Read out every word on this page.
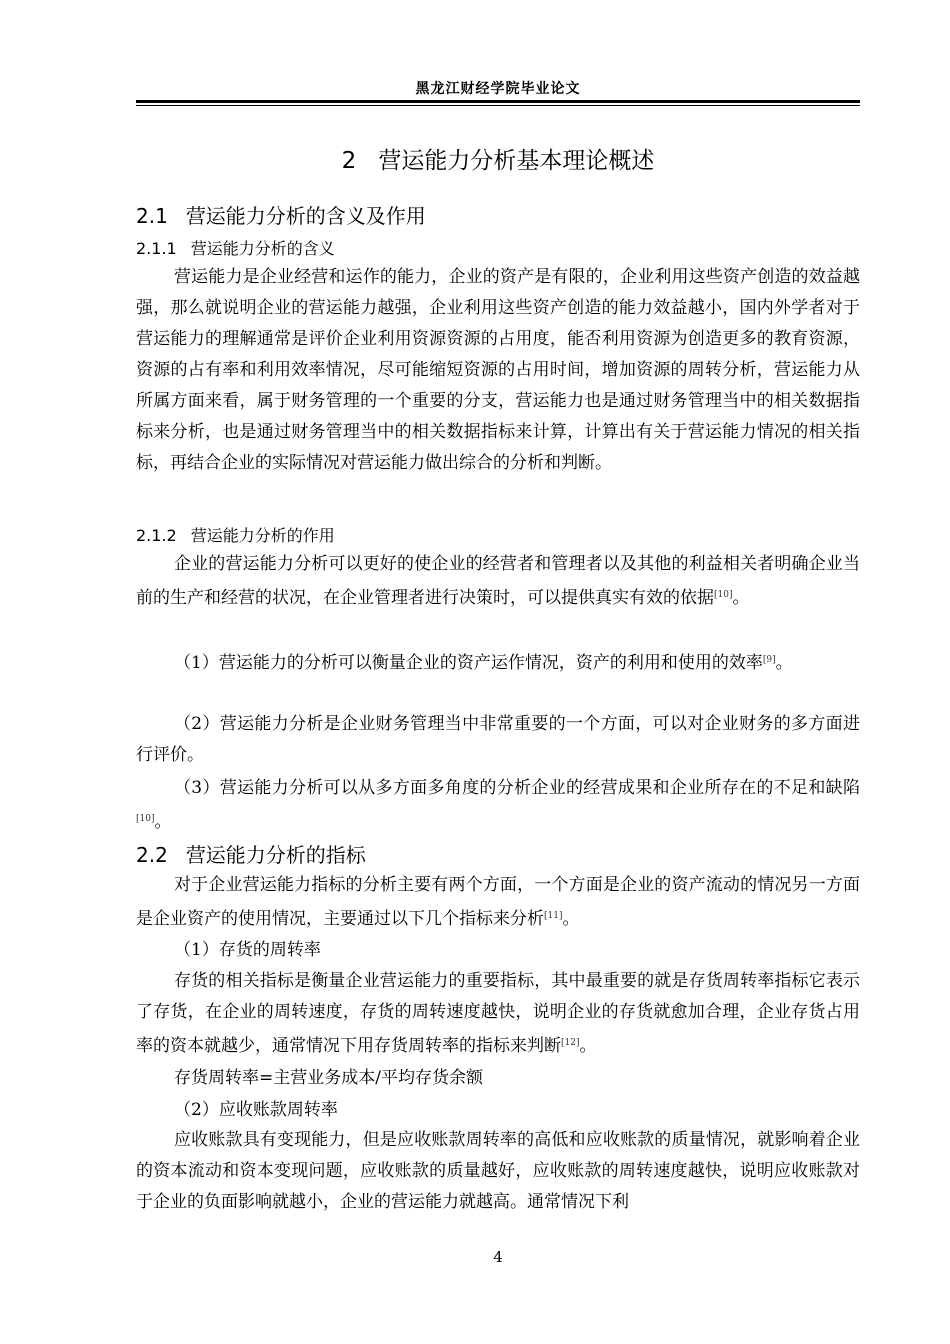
黑龙江财经学院毕业论文
2 营运能力分析基本理论概述
2.1 营运能力分析的含义及作用
2.1.1 营运能力分析的含义

营运能力是企业经营和运作的能力，企业的资产是有限的，企业利用这些资产创造的效益越强，那么就说明企业的营运能力越强，企业利用这些资产创造的能力效益越小，国内外学者对于营运能力的理解通常是评价企业利用资源资源的占用度，能否利用资源为创造更多的教育资源，资源的占有率和利用效率情况，尽可能缩短资源的占用时间，增加资源的周转分析，营运能力从所属方面来看，属于财务管理的一个重要的分支，营运能力也是通过财务管理当中的相关数据指标来分析，也是通过财务管理当中的相关数据指标来计算，计算出有关于营运能力情况的相关指标，再结合企业的实际情况对营运能力做出综合的分析和判断。

2.1.2 营运能力分析的作用

企业的营运能力分析可以更好的使企业的经营者和管理者以及其他的利益相关者明确企业当前的生产和经营的状况，在企业管理者进行决策时，可以提供真实有效的依据[10]。

（1）营运能力的分析可以衡量企业的资产运作情况，资产的利用和使用的效率[9]。

（2）营运能力分析是企业财务管理当中非常重要的一个方面，可以对企业财务的多方面进行评价。

（3）营运能力分析可以从多方面多角度的分析企业的经营成果和企业所存在的不足和缺陷[10]。

2.2 营运能力分析的指标

对于企业营运能力指标的分析主要有两个方面，一个方面是企业的资产流动的情况另一方面是企业资产的使用情况，主要通过以下几个指标来分析[11]。

（1）存货的周转率

存货的相关指标是衡量企业营运能力的重要指标，其中最重要的就是存货周转率指标它表示了存货，在企业的周转速度，存货的周转速度越快，说明企业的存货就愈加合理，企业存货占用率的资本就越少，通常情况下用存货周转率的指标来判断[12]。

存货周转率=主营业务成本/平均存货余额

（2）应收账款周转率

应收账款具有变现能力，但是应收账款周转率的高低和应收账款的质量情况，就影响着企业的资本流动和资本变现问题，应收账款的质量越好，应收账款的周转速度越快，说明应收账款对于企业的负面影响就越小，企业的营运能力就越高。通常情况下利

4
